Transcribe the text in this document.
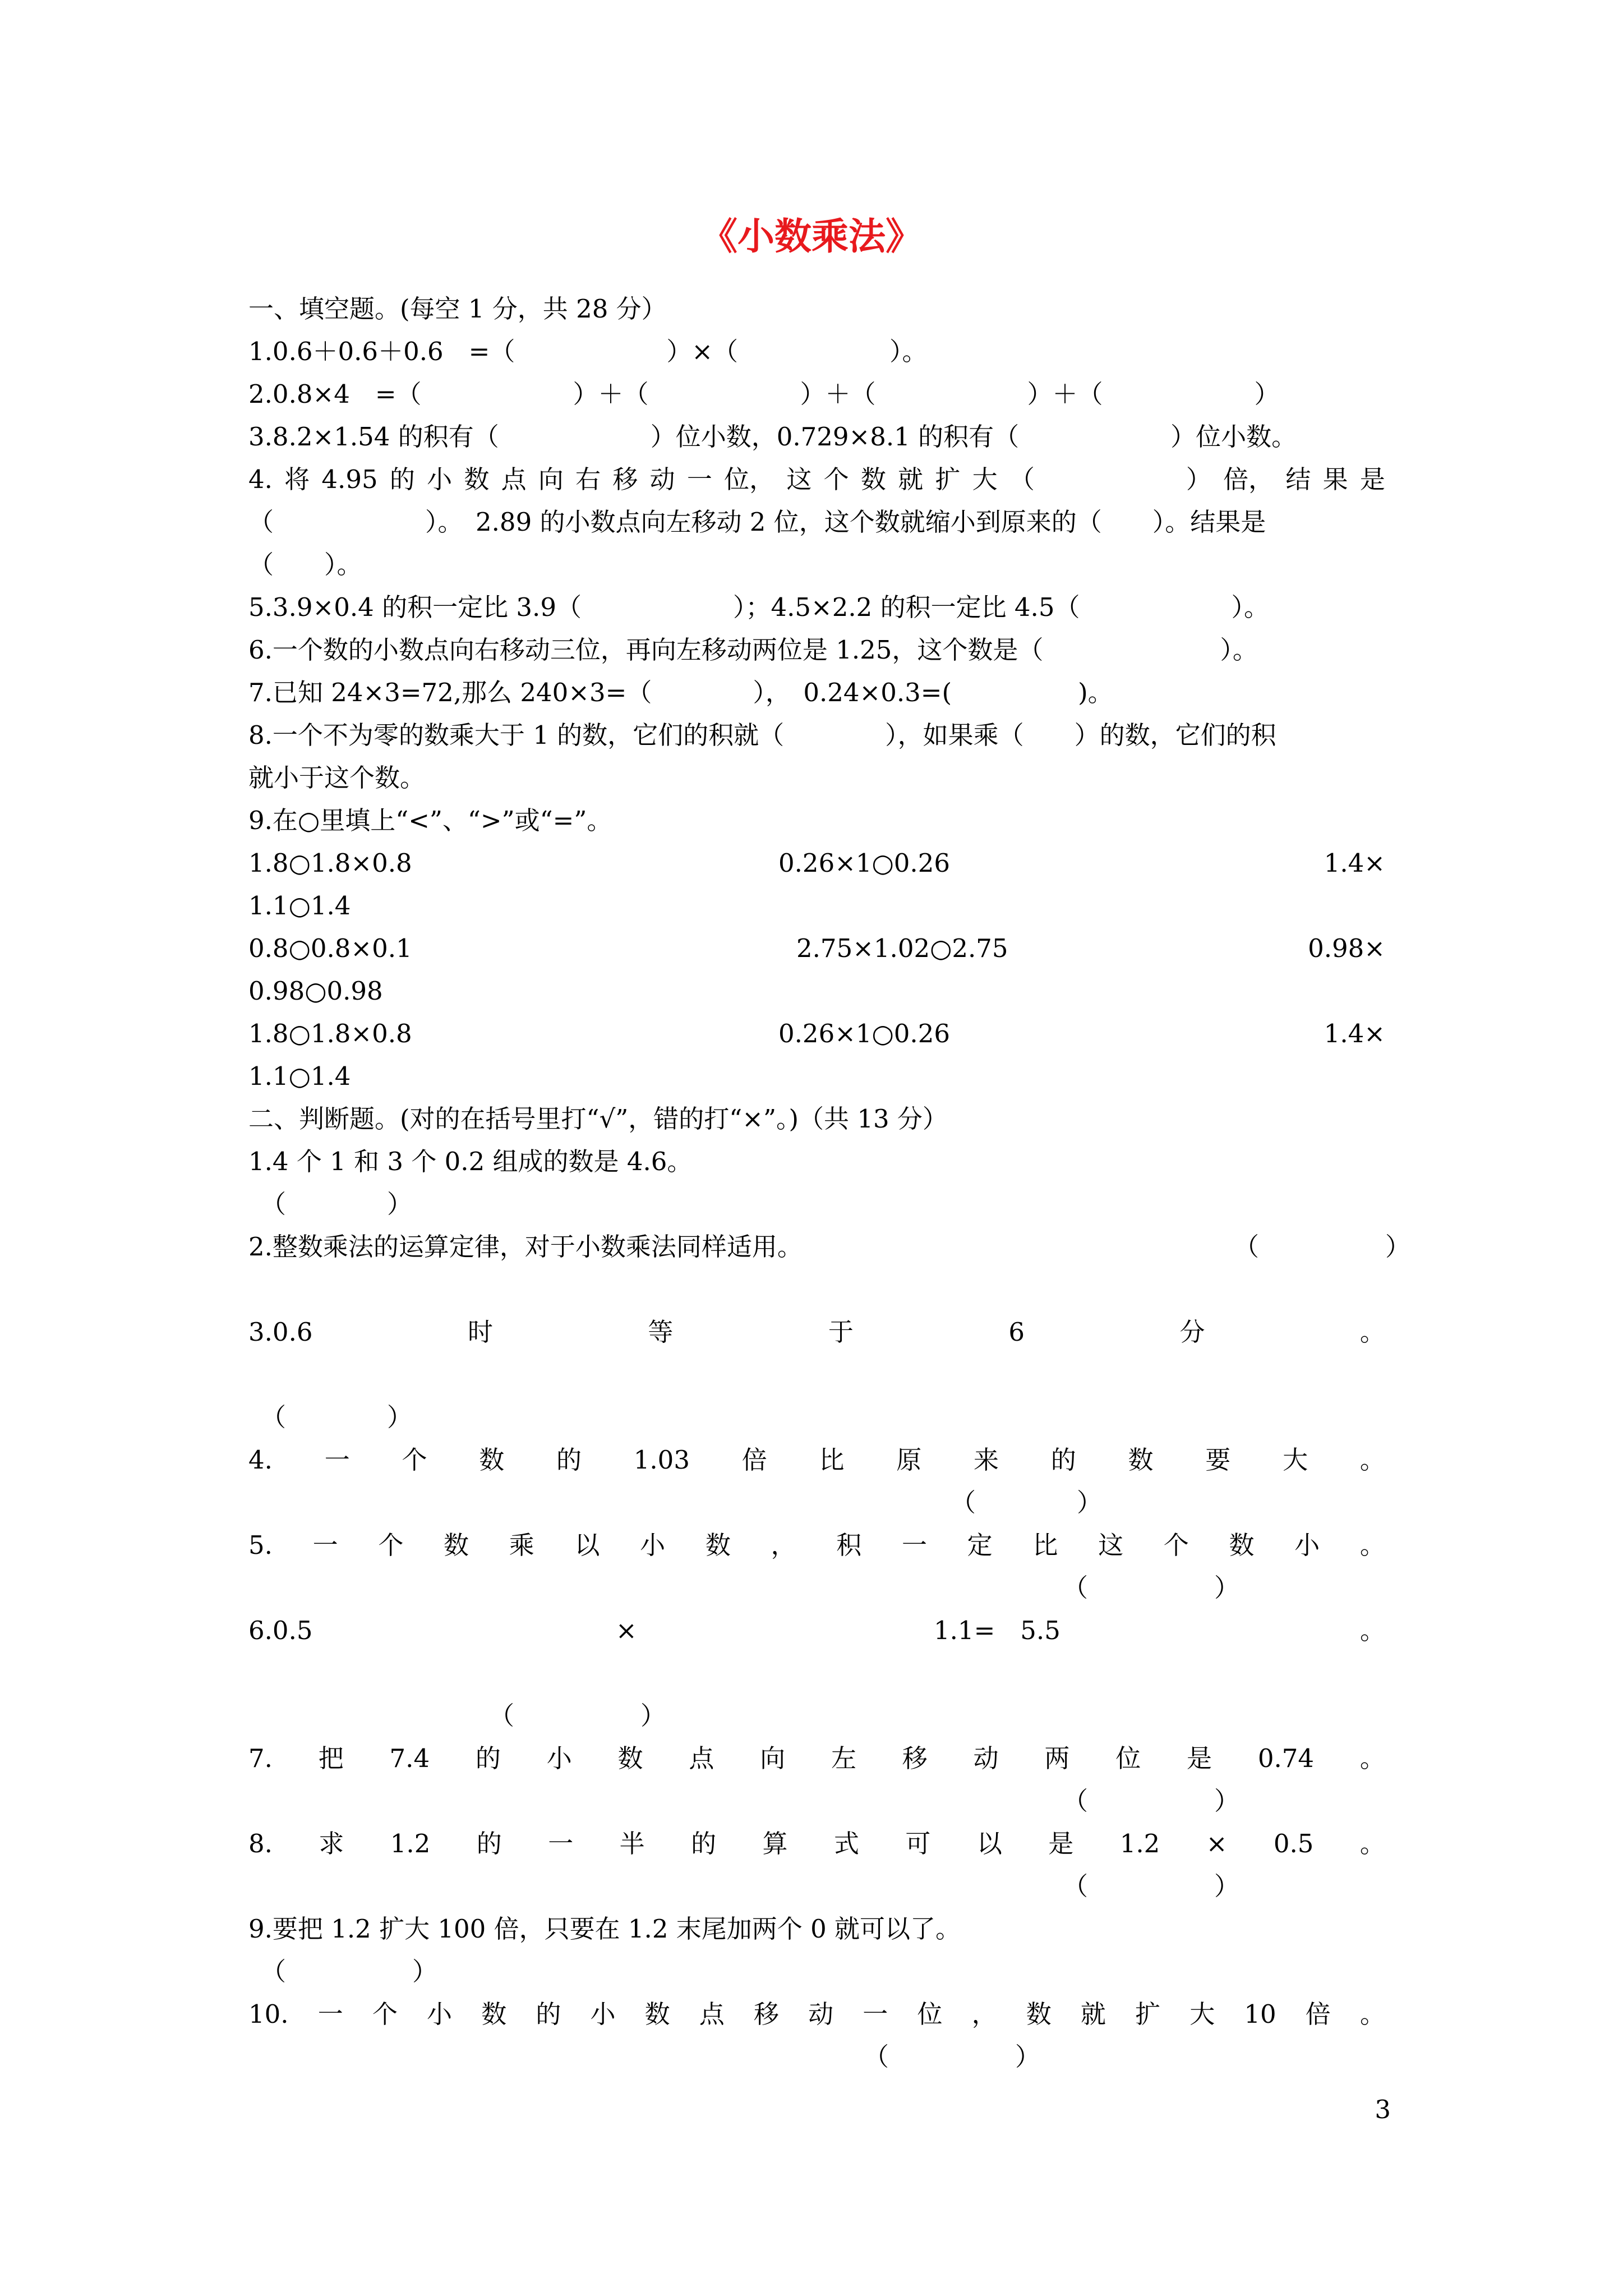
《小数乘法》
一、填空题。(每空 1 分，共 28 分）
1.0.6＋0.6＋0.6　=（　　　　　　）×（　　　　　　）。
2.0.8×4　=（　　　　　　）＋（　　　　　　）＋（　　　　　　）＋（　　　　　　）
3.8.2×1.54 的积有（　　　　　　）位小数，0.729×8.1 的积有（　　　　　　）位小数。
4. 将 4.95 的 小 数 点 向 右 移 动 一 位， 这 个 数 就 扩 大 （　　　　　　） 倍， 结 果 是
（　　　　　　）。　2.89 的小数点向左移动 2 位，这个数就缩小到原来的（　　）。结果是
（　　）。
5.3.9×0.4 的积一定比 3.9（　　　　　　）；4.5×2.2 的积一定比 4.5（　　　　　　）。
6.一个数的小数点向右移动三位，再向左移动两位是 1.25，这个数是（　　　　　　　）。
7.已知 24×3=72,那么 240×3=（　　　　），　0.24×0.3=(　　　　　)。
8.一个不为零的数乘大于 1 的数，它们的积就（　　　　），如果乘（　　）的数，它们的积
就小于这个数。
9.在○里填上“<”、“>”或“=”。
1.8○1.8×0.8	0.26×1○0.26	1.4×
1.1○1.4
0.8○0.8×0.1	2.75×1.02○2.75	0.98×
0.98○0.98
1.8○1.8×0.8	0.26×1○0.26	1.4×
1.1○1.4
二、判断题。(对的在括号里打“√”，错的打“×”。)（共 13 分）
1.4 个 1 和 3 个 0.2 组成的数是 4.6。
（　　　　）
2.整数乘法的运算定律，对于小数乘法同样适用。	（　　　　　）
3.0.6	时	等	于	6	分	。
（　　　　）
4. 一 个 数 的 1.03 倍 比 原 来 的 数 要 大 。
（　　　　）
5. 一 个 数 乘 以 小 数 ， 积 一 定 比 这 个 数 小 。
（　　　　　）
6.0.5	×	1.1=　5.5	。
（　　　　　）
7. 把 7.4 的 小 数 点 向 左 移 动 两 位 是 0.74 。
（　　　　　）
8. 求 1.2 的 一 半 的 算 式 可 以 是 1.2 × 0.5 。
（　　　　　）
9.要把 1.2 扩大 100 倍，只要在 1.2 末尾加两个 0 就可以了。
（　　　　　）
10. 一 个 小 数 的 小 数 点 移 动 一 位 ， 数 就 扩 大 10 倍 。
（　　　　　）
3
